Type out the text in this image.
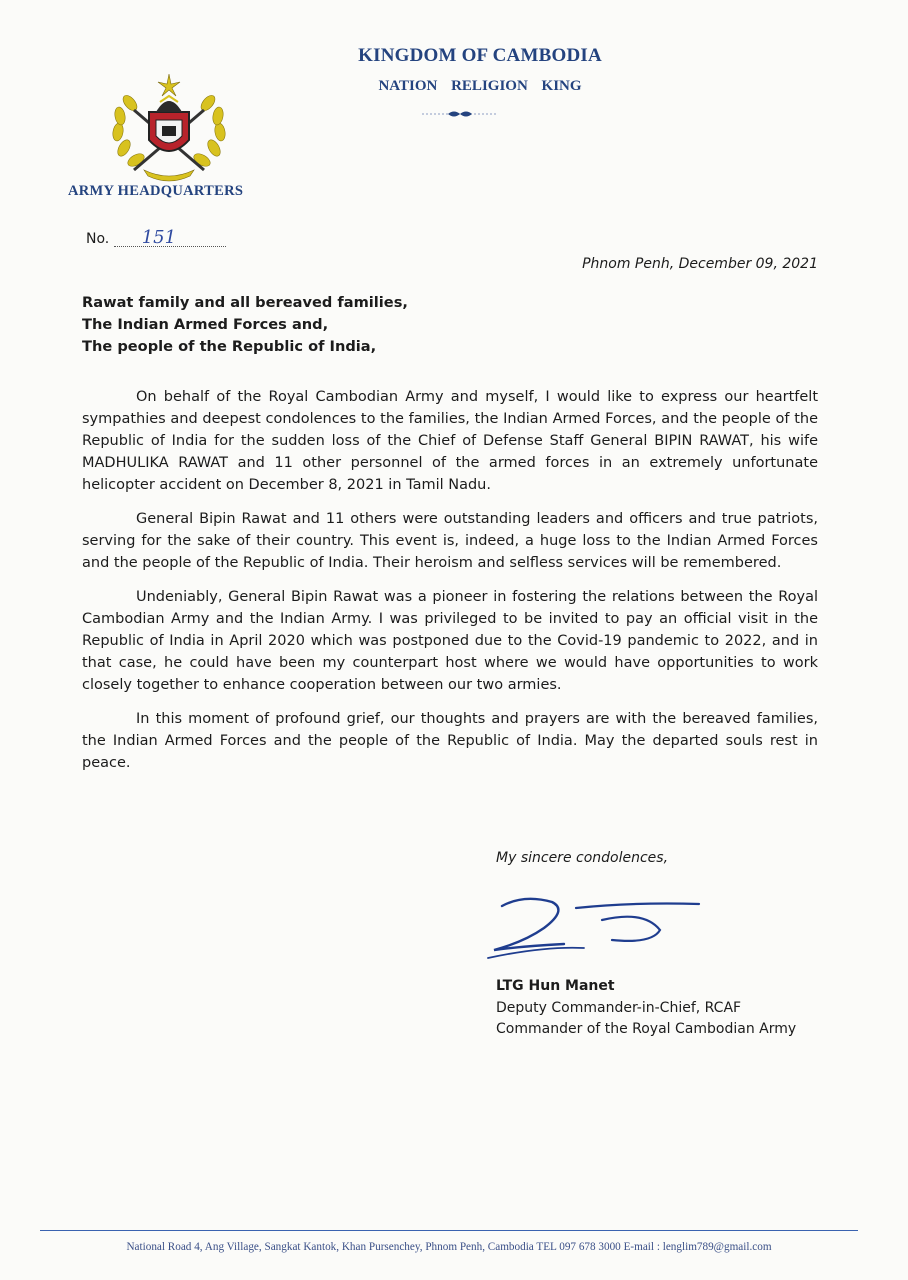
KINGDOM OF CAMBODIA
NATION RELIGION KING
ARMY HEADQUARTERS
No. 151
Phnom Penh, December 09, 2021
Rawat family and all bereaved families,
The Indian Armed Forces and,
The people of the Republic of India,

On behalf of the Royal Cambodian Army and myself, I would like to express our heartfelt sympathies and deepest condolences to the families, the Indian Armed Forces, and the people of the Republic of India for the sudden loss of the Chief of Defense Staff General BIPIN RAWAT, his wife MADHULIKA RAWAT and 11 other personnel of the armed forces in an extremely unfortunate helicopter accident on December 8, 2021 in Tamil Nadu.

General Bipin Rawat and 11 others were outstanding leaders and officers and true patriots, serving for the sake of their country. This event is, indeed, a huge loss to the Indian Armed Forces and the people of the Republic of India. Their heroism and selfless services will be remembered.

Undeniably, General Bipin Rawat was a pioneer in fostering the relations between the Royal Cambodian Army and the Indian Army. I was privileged to be invited to pay an official visit in the Republic of India in April 2020 which was postponed due to the Covid-19 pandemic to 2022, and in that case, he could have been my counterpart host where we would have opportunities to work closely together to enhance cooperation between our two armies.

In this moment of profound grief, our thoughts and prayers are with the bereaved families, the Indian Armed Forces and the people of the Republic of India. May the departed souls rest in peace.

My sincere condolences,
LTG Hun Manet
Deputy Commander-in-Chief, RCAF
Commander of the Royal Cambodian Army
National Road 4, Ang Village, Sangkat Kantok, Khan Pursenchey, Phnom Penh, Cambodia TEL 097 678 3000 E-mail : lenglim789@gmail.com
